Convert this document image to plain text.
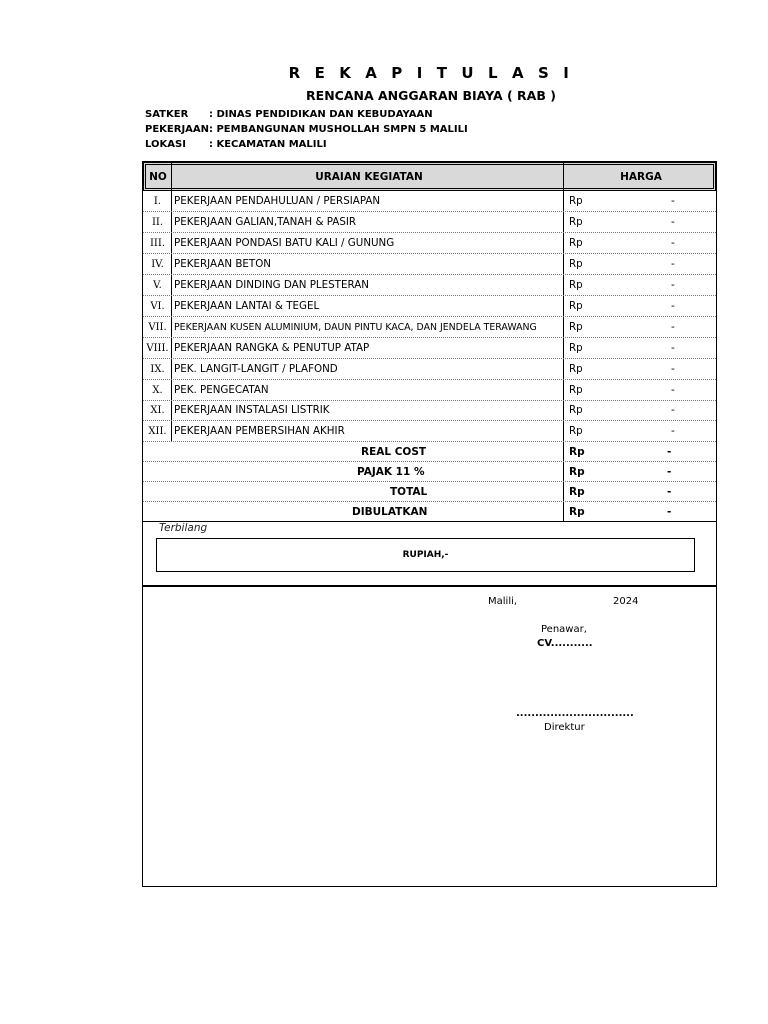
R E K A P I T U L A S I
RENCANA ANGGARAN BIAYA ( RAB )
SATKER : DINAS PENDIDIKAN DAN KEBUDAYAAN
PEKERJAAN: PEMBANGUNAN MUSHOLLAH SMPN 5 MALILI
LOKASI : KECAMATAN MALILI
NO	URAIAN KEGIATAN	HARGA
I.	PEKERJAAN PENDAHULUAN / PERSIAPAN	Rp	-
II.	PEKERJAAN GALIAN,TANAH & PASIR	Rp	-
III. PEKERJAAN PONDASI BATU KALI / GUNUNG	Rp	-
IV. PEKERJAAN BETON	Rp	-
V.	PEKERJAAN DINDING DAN PLESTERAN	Rp	-
VI. PEKERJAAN LANTAI & TEGEL	Rp	-
VII. PEKERJAAN KUSEN ALUMINIUM, DAUN PINTU KACA, DAN JENDELA TERAWANG	Rp	-
VIII. PEKERJAAN RANGKA & PENUTUP ATAP	Rp	-
IX. PEK. LANGIT-LANGIT / PLAFOND	Rp	-
X.	PEK. PENGECATAN	Rp	-
XI. PEKERJAAN INSTALASI LISTRIK	Rp	-
XII. PEKERJAAN PEMBERSIHAN AKHIR	Rp	-
REAL COST	Rp	-
PAJAK 11 %	Rp	-
TOTAL	Rp	-
DIBULATKAN	Rp	-
Terbilang
RUPIAH,-
Malili,	2024
Penawar,
CV...........
...............................
Direktur
